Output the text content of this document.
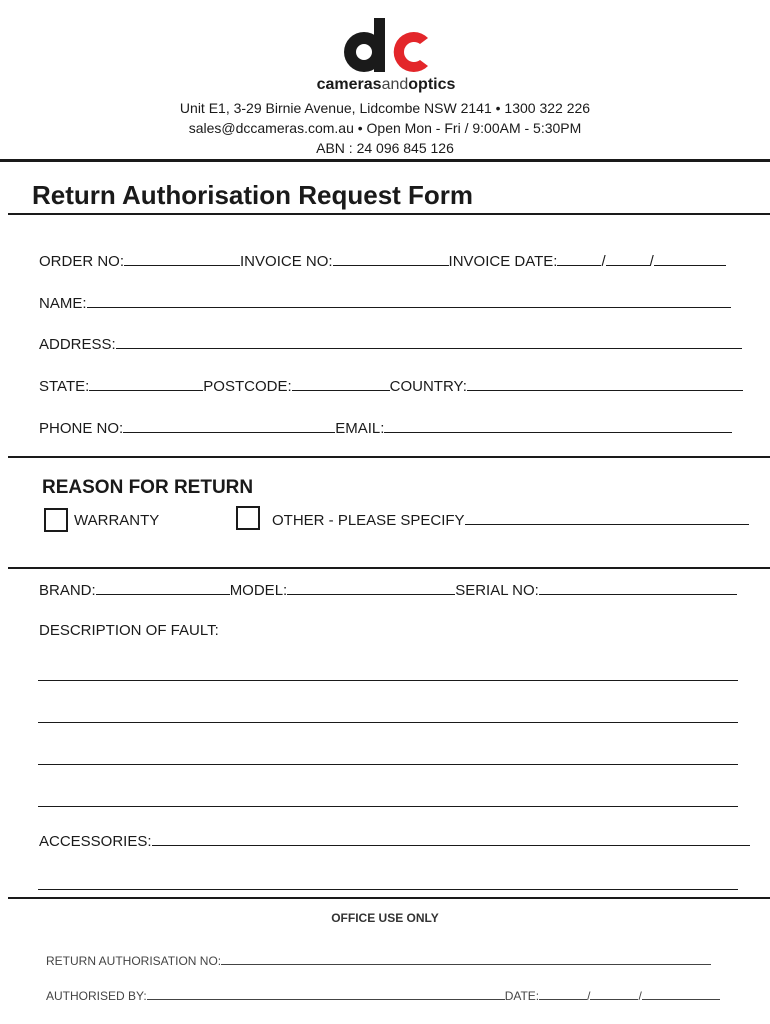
camerasandoptics
Unit E1, 3-29 Birnie Avenue, Lidcombe NSW 2141 • 1300 322 226
sales@dccameras.com.au • Open Mon - Fri / 9:00AM - 5:30PM
ABN : 24 096 845 126
Return Authorisation Request Form
ORDER NO:	INVOICE NO:	INVOICE DATE:	/	/
NAME:
ADDRESS:
STATE:	POSTCODE:	COUNTRY:
PHONE NO:	EMAIL:
REASON FOR RETURN
WARRANTY	OTHER - PLEASE SPECIFY
BRAND:	MODEL:	SERIAL NO:
DESCRIPTION OF FAULT:
ACCESSORIES:
OFFICE USE ONLY
RETURN AUTHORISATION NO:
AUTHORISED BY:	DATE:	/	/
